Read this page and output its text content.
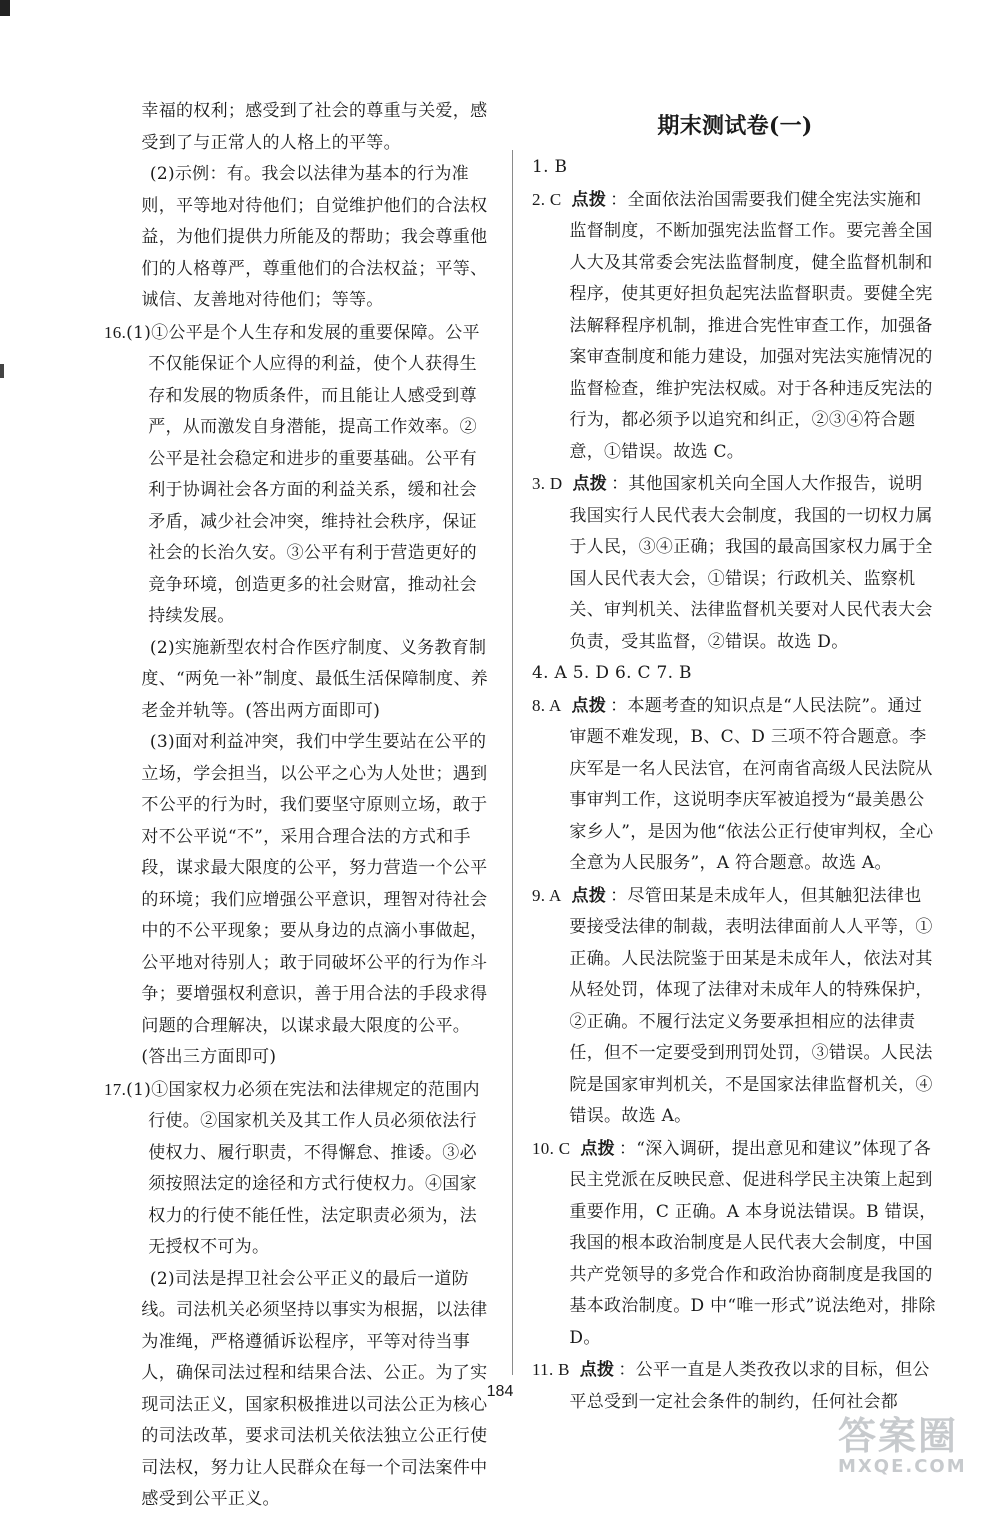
幸福的权利；感受到了社会的尊重与关爱，感受到了与正常人的人格上的平等。
(2)示例：有。我会以法律为基本的行为准则，平等地对待他们；自觉维护他们的合法权益，为他们提供力所能及的帮助；我会尊重他们的人格尊严，尊重他们的合法权益；平等、诚信、友善地对待他们；等等。
16.(1)①公平是个人生存和发展的重要保障。公平不仅能保证个人应得的利益，使个人获得生存和发展的物质条件，而且能让人感受到尊严，从而激发自身潜能，提高工作效率。②公平是社会稳定和进步的重要基础。公平有利于协调社会各方面的利益关系，缓和社会矛盾，减少社会冲突，维持社会秩序，保证社会的长治久安。③公平有利于营造更好的竞争环境，创造更多的社会财富，推动社会持续发展。
(2)实施新型农村合作医疗制度、义务教育制度、“两免一补”制度、最低生活保障制度、养老金并轨等。(答出两方面即可)
(3)面对利益冲突，我们中学生要站在公平的立场，学会担当，以公平之心为人处世；遇到不公平的行为时，我们要坚守原则立场，敢于对不公平说“不”，采用合理合法的方式和手段，谋求最大限度的公平，努力营造一个公平的环境；我们应增强公平意识，理智对待社会中的不公平现象；要从身边的点滴小事做起，公平地对待别人；敢于同破坏公平的行为作斗争；要增强权利意识，善于用合法的手段求得问题的合理解决，以谋求最大限度的公平。(答出三方面即可)
17.(1)①国家权力必须在宪法和法律规定的范围内行使。②国家机关及其工作人员必须依法行使权力、履行职责，不得懈怠、推诿。③必须按照法定的途径和方式行使权力。④国家权力的行使不能任性，法定职责必须为，法无授权不可为。
(2)司法是捍卫社会公平正义的最后一道防线。司法机关必须坚持以事实为根据，以法律为准绳，严格遵循诉讼程序，平等对待当事人，确保司法过程和结果合法、公正。为了实现司法正义，国家积极推进以司法公正为核心的司法改革，要求司法机关依法独立公正行使司法权，努力让人民群众在每一个司法案件中感受到公平正义。
期末测试卷(一)
1. B
2. C 点拨 ：全面依法治国需要我们健全宪法实施和监督制度，不断加强宪法监督工作。要完善全国人大及其常委会宪法监督制度，健全监督机制和程序，使其更好担负起宪法监督职责。要健全宪法解释程序机制，推进合宪性审查工作，加强备案审查制度和能力建设，加强对宪法实施情况的监督检查，维护宪法权威。对于各种违反宪法的行为，都必须予以追究和纠正，②③④符合题意，①错误。故选 C。
3. D 点拨 ：其他国家机关向全国人大作报告，说明我国实行人民代表大会制度，我国的一切权力属于人民，③④正确；我国的最高国家权力属于全国人民代表大会，①错误；行政机关、监察机关、审判机关、法律监督机关要对人民代表大会负责，受其监督，②错误。故选 D。
4. A 5. D 6. C 7. B
8. A 点拨 ：本题考查的知识点是“人民法院”。通过审题不难发现，B、C、D 三项不符合题意。李庆军是一名人民法官，在河南省高级人民法院从事审判工作，这说明李庆军被追授为“最美愚公家乡人”，是因为他“依法公正行使审判权，全心全意为人民服务”，A 符合题意。故选 A。
9. A 点拨 ：尽管田某是未成年人，但其触犯法律也要接受法律的制裁，表明法律面前人人平等，①正确。人民法院鉴于田某是未成年人，依法对其从轻处罚，体现了法律对未成年人的特殊保护，②正确。不履行法定义务要承担相应的法律责任，但不一定要受到刑罚处罚，③错误。人民法院是国家审判机关，不是国家法律监督机关，④错误。故选 A。
10. C 点拨 ：“深入调研，提出意见和建议”体现了各民主党派在反映民意、促进科学民主决策上起到重要作用，C 正确。A 本身说法错误。B 错误，我国的根本政治制度是人民代表大会制度，中国共产党领导的多党合作和政治协商制度是我国的基本政治制度。D 中“唯一形式”说法绝对，排除 D。
11. B 点拨 ：公平一直是人类孜孜以求的目标，但公平总受到一定社会条件的制约，任何社会都
184
答案圈
MXQE.COM
